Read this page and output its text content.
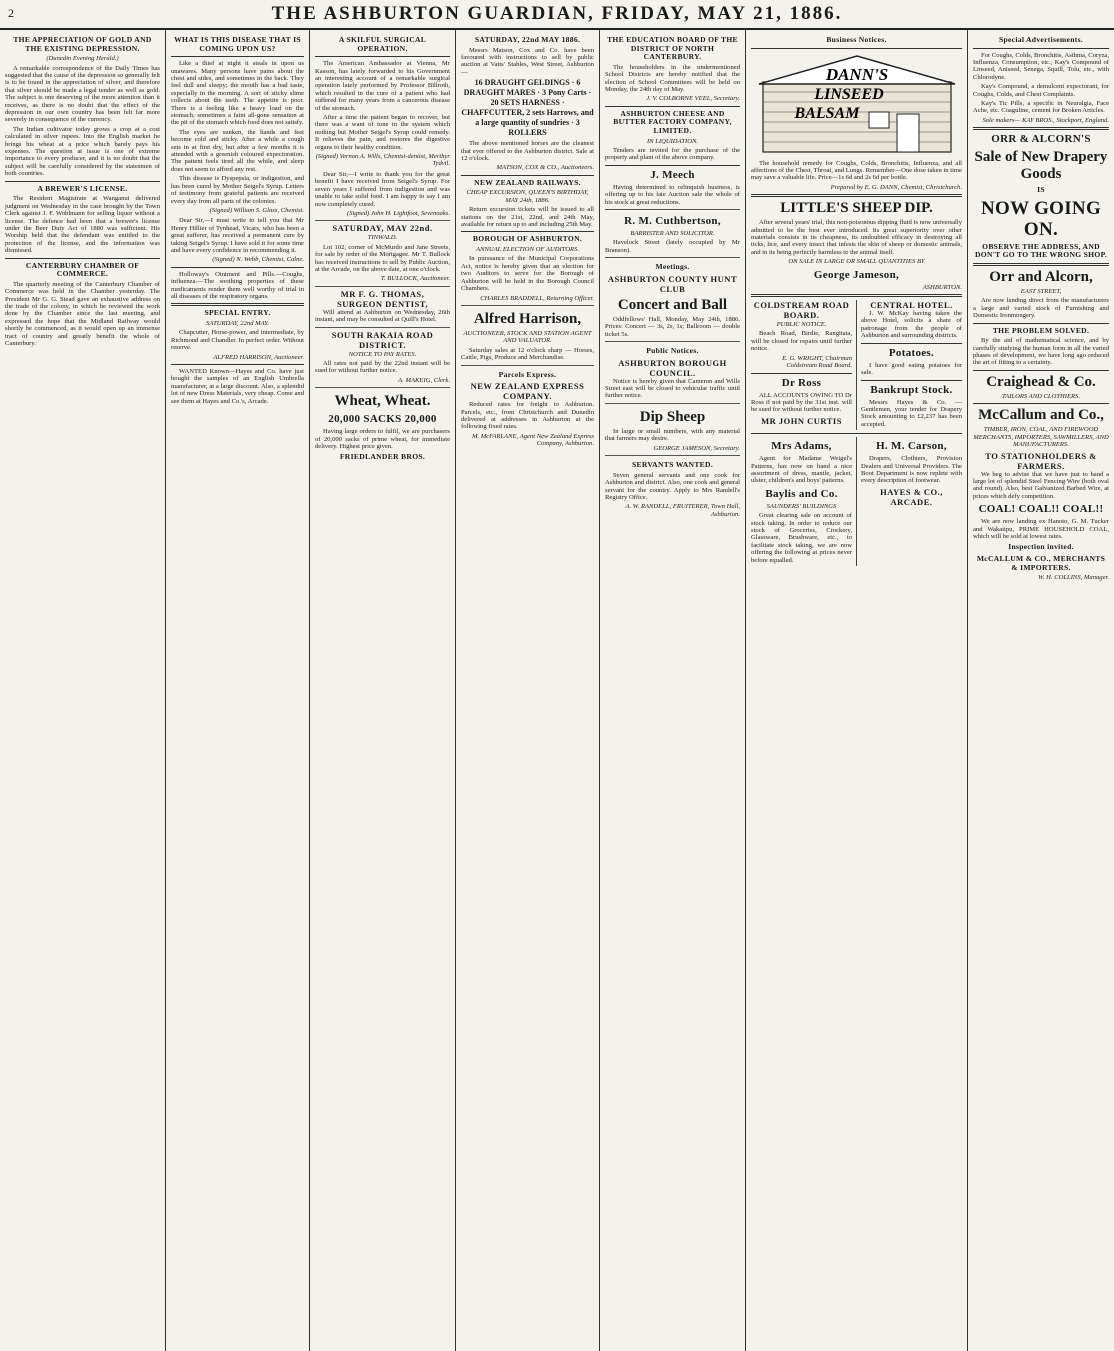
2	THE ASHBURTON GUARDIAN, FRIDAY, MAY 21, 1886.
THE APPRECIATION OF GOLD AND THE EXISTING DEPRESSION.
(Dunedin Evening Herald.)

A remarkable correspondence of the Daily Times has suggested that the cause of the depression so generally felt is to be found in the appreciation of silver, and therefore that silver should be made a legal tender as well as gold. The subject is one deserving of the more attention than it receives, as there is no doubt that the effect of the depression in our own country has been felt far more severely in consequence of the currency.

The Indian cultivator today grows a crop at a cost calculated in silver rupees. Into the English market he brings his wheat at a price which barely pays his expenses. The question at issue is one of extreme importance to every producer, and it is no doubt that the subject will be carefully considered by the statesmen of both countries.

A BREWER'S LICENSE.

The Resident Magistrate at Wanganui delivered judgment on Wednesday in the case brought by the Town Clerk against J. F. Wohlmann for selling liquor without a license. The defence had been that a brewer's license under the Beer Duty Act of 1880 was sufficient. His Worship held that the defendant was entitled to the protection of the license, and the information was dismissed.

CANTERBURY CHAMBER OF COMMERCE.

The quarterly meeting of the Canterbury Chamber of Commerce was held in the Chamber yesterday. The President Mr G. G. Stead gave an exhaustive address on the trade of the colony, in which he reviewed the work done by the Chamber since the last meeting, and expressed the hope that the Midland Railway would shortly be commenced, as it would open up an immense tract of country and greatly benefit the whole of Canterbury.

WHAT IS THIS DISEASE THAT IS COMING UPON US?

Like a thief at night it steals in upon us unawares. Many persons have pains about the chest and sides, and sometimes in the back. They feel dull and sleepy; the mouth has a bad taste, especially in the morning. A sort of sticky slime collects about the teeth. The appetite is poor. There is a feeling like a heavy load on the stomach; sometimes a faint all-gone sensation at the pit of the stomach which food does not satisfy.

The eyes are sunken, the hands and feet become cold and sticky. After a while a cough sets in at first dry, but after a few months it is attended with a greenish coloured expectoration. The patient feels tired all the while, and sleep does not seem to afford any rest.

This disease is Dyspepsia, or indigestion, and has been cured by Mother Seigel's Syrup. Letters of testimony from grateful patients are received every day from all parts of the colonies.

(Signed) William S. Glass, Chemist.

Dear Sir,—I must write to tell you that Mr Henry Hillier of Tynhead, Vicars, who has been a great sufferer, has received a permanent cure by taking Seigel's Syrup. I have sold it for some time and have every confidence in recommending it.

(Signed) N. Webb, Chemist, Calne.

Holloway's Ointment and Pills.—Coughs, influenza.—The soothing properties of these medicaments render them well worthy of trial in all diseases of the respiratory organs.

SPECIAL ENTRY.
SATURDAY, 22nd MAY.

Chapcutter, Horse-power, and intermediate, by Richmond and Chandler. In perfect order. Without reserve.

ALFRED HARRISON, Auctioneer.

WANTED Known—Hayes and Co. have just bought the samples of an English Umbrella manufacturer, at a large discount. Also, a splendid lot of new Dress Materials, very cheap. Come and see them at Hayes and Co.'s, Arcade.

A SKILFUL SURGICAL OPERATION.

The American Ambassador at Vienna, Mr Kasson, has lately forwarded to his Government an interesting account of a remarkable surgical operation lately performed by Professor Billroth, which resulted in the cure of a patient who had suffered for many years from a cancerous disease of the stomach.

After a time the patient began to recover, but there was a want of tone in the system which nothing but Mother Seigel's Syrup could remedy. It relieves the pain, and restores the digestive organs to their healthy condition.

(Signed) Vernon A. Wills, Chemist-dentist, Merthyr Tydvil.

Dear Sir,—I write to thank you for the great benefit I have received from Seigel's Syrup. For seven years I suffered from indigestion and was unable to take solid food. I am happy to say I am now completely cured.

(Signed) John H. Lightfoot, Sevenoaks.
SATURDAY, MAY 22nd.
TINWALD.

Lot 102, corner of McMurdo and Jane Streets, for sale by order of the Mortgagee. Mr T. Bullock has received instructions to sell by Public Auction, at the Arcade, on the above date, at one o'clock.

T. BULLOCK, Auctioneer.
MR F. G. THOMAS,
SURGEON DENTIST,

Will attend at Ashburton on Wednesday, 26th instant, and may be consulted at Quill's Hotel.

SOUTH RAKAIA ROAD DISTRICT.
NOTICE TO PAY RATES.

All rates not paid by the 22nd instant will be sued for without further notice.

A. MAKEIG, Clerk.
Wheat, Wheat.
20,000 SACKS 20,000

Having large orders to fulfil, we are purchasers of 20,000 sacks of prime wheat, for immediate delivery. Highest price given.

FRIEDLANDER BROS.
SATURDAY, 22nd MAY 1886.

Messrs Matson, Cox and Co. have been favoured with instructions to sell by public auction at Vatts' Stables, West Street, Ashburton —

16 DRAUGHT GELDINGS · 6 DRAUGHT MARES · 3 Pony Carts · 20 SETS HARNESS · CHAFFCUTTER, 2 sets Harrows, and a large quantity of sundries · 3 ROLLERS

The above mentioned horses are the cleanest that ever offered to the Ashburton district. Sale at 12 o'clock.

MATSON, COX & CO., Auctioneers.
NEW ZEALAND RAILWAYS.
CHEAP EXCURSION, QUEEN'S BIRTHDAY, MAY 24th, 1886.

Return excursion tickets will be issued to all stations on the 21st, 22nd, and 24th May, available for return up to and including 25th May.

BOROUGH OF ASHBURTON.
ANNUAL ELECTION OF AUDITORS.

In pursuance of the Municipal Corporations Act, notice is hereby given that an election for two Auditors to serve for the Borough of Ashburton will be held in the Borough Council Chambers.

CHARLES BRADDELL, Returning Officer.
Alfred Harrison,
AUCTIONEER, STOCK AND STATION AGENT AND VALUATOR.

Saturday sales at 12 o'clock sharp — Horses, Cattle, Pigs, Produce and Merchandise.

Parcels Express.
NEW ZEALAND EXPRESS COMPANY.

Reduced rates for freight to Ashburton. Parcels, etc., from Christchurch and Dunedin delivered at addresses in Ashburton at the following fixed rates.

M. McFARLANE, Agent New Zealand Express Company, Ashburton.
THE EDUCATION BOARD OF THE DISTRICT OF NORTH CANTERBURY.

The householders in the undermentioned School Districts are hereby notified that the election of School Committees will be held on Monday, the 24th day of May.

J. V. COLBORNE VEEL, Secretary.
ASHBURTON CHEESE AND BUTTER FACTORY COMPANY, LIMITED.
IN LIQUIDATION.

Tenders are invited for the purchase of the property and plant of the above company.

J. Meech

Having determined to relinquish business, is offering up to his late Auction sale the whole of his stock at great reductions.

R. M. Cuthbertson,
BARRISTER AND SOLICITOR.

Havelock Street (lately occupied by Mr Branson).

Meetings.
ASHBURTON COUNTY HUNT CLUB
Concert and Ball

Oddfellows' Hall, Monday, May 24th, 1886. Prices: Concert — 3s, 2s, 1s; Ballroom — double ticket 5s.

Public Notices.
ASHBURTON BOROUGH COUNCIL.

Notice is hereby given that Cameron and Wills Street east will be closed to vehicular traffic until further notice.

Dip Sheep

In large or small numbers, with any material that farmers may desire.

GEORGE JAMESON, Secretary.
SERVANTS WANTED.

Seven general servants and one cook for Ashburton and district. Also, one cook and general servant for the country. Apply to Mrs Randell's Registry Office.

A. W. RANDELL, FRUITERER, Town Hall, Ashburton.
Business Notices.
DANN'S
LINSEED
BALSAM

The household remedy for Coughs, Colds, Bronchitis, Influenza, and all affections of the Chest, Throat, and Lungs. Remember—One dose taken in time may save a valuable life. Price—1s 6d and 2s 6d per bottle.

Prepared by E. G. DANN, Chemist, Christchurch.
LITTLE'S SHEEP DIP.

After several years' trial, this non-poisonous dipping fluid is now universally admitted to be the best ever introduced. Its great superiority over other materials consists in its cheapness, its undoubted efficacy in destroying all ticks, lice, and every insect that infests the skin of sheep or domestic animals, and in its being perfectly harmless to the animal itself.

ON SALE IN LARGE OR SMALL QUANTITIES BY
George Jameson,
ASHBURTON.
COLDSTREAM ROAD BOARD.
PUBLIC NOTICE.

Beach Road, Birdie, Rangitata, will be closed for repairs until further notice.

E. G. WRIGHT, Chairman Coldstream Road Board.
Dr Ross

ALL ACCOUNTS OWING TO Dr Ross if not paid by the 31st inst. will be sued for without further notice.

MR JOHN CURTIS
CENTRAL HOTEL.

J. W. McKay having taken the above Hotel, solicits a share of patronage from the people of Ashburton and surrounding districts.

Potatoes.

I have good eating potatoes for sale.

Bankrupt Stock.

Messrs Hayes & Co. — Gentlemen, your tender for Drapery Stock amounting to £2,237 has been accepted.

Mrs Adams,

Agent for Madame Weigel's Patterns, has now on hand a nice assortment of dress, mantle, jacket, ulster, children's and boys' patterns.

Baylis and Co.
SAUNDERS' BUILDINGS

Great clearing sale on account of stock taking. In order to reduce our stock of Groceries, Crockery, Glassware, Brushware, etc., to facilitate stock taking, we are now offering the following at prices never before equalled.

H. M. Carson,

Drapers, Clothiers, Provision Dealers and Universal Providers. The Boot Department is now replete with every description of footwear.

HAYES & CO., ARCADE.
Special Advertisements.

For Coughs, Colds, Bronchitis, Asthma, Coryza, Influenza, Consumption, etc., Kay's Compound of Linseed, Aniseed, Senega, Squill, Tolu, etc., with Chlorodyne.

Kay's Compound, a demulcent expectorant, for Coughs, Colds, and Chest Complaints.

Kay's Tic Pills, a specific in Neuralgia, Face Ache, etc. Coaguline, cement for Broken Articles.

Sole makers— KAY BROS., Stockport, England.
ORR & ALCORN'S
Sale of New Drapery Goods
IS
NOW GOING ON.
OBSERVE THE ADDRESS, AND DON'T GO TO THE WRONG SHOP.
Orr and Alcorn,
EAST STREET,

Are now landing direct from the manufacturers a large and varied stock of Furnishing and Domestic Ironmongery.

THE PROBLEM SOLVED.

By the aid of mathematical science, and by carefully studying the human form in all the varied phases of development, we have long ago reduced the art of fitting to a certainty.

Craighead & Co.
TAILORS AND CLOTHIERS.
McCallum and Co.,
TIMBER, IRON, COAL, AND FIREWOOD MERCHANTS, IMPORTERS, SAWMILLERS, AND MANUFACTURERS.
TO STATIONHOLDERS & FARMERS.

We beg to advise that we have just to hand a large lot of splendid Steel Fencing Wire (both oval and round). Also, best Galvanized Barbed Wire, at prices which defy competition.

COAL! COAL!! COAL!!

We are now landing ex Hanoto, G. M. Tucker and Wakatipu, PRIME HOUSEHOLD COAL, which will be sold at lowest rates.

Inspection invited.
McCALLUM & CO., MERCHANTS & IMPORTERS.
W. H. COLLINS, Manager.
